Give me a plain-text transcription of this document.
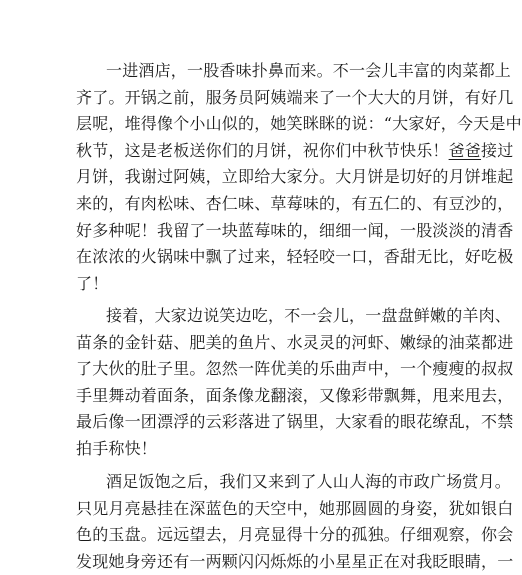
一进酒店，一股香味扑鼻而来。不一会儿丰富的肉菜都上
齐了。开锅之前，服务员阿姨端来了一个大大的月饼，有好几
层呢，堆得像个小山似的，她笑眯眯的说：“大家好，今天是中
秋节，这是老板送你们的月饼，祝你们中秋节快乐！爸爸接过
月饼，我谢过阿姨，立即给大家分。大月饼是切好的月饼堆起
来的，有肉松味、杏仁味、草莓味的，有五仁的、有豆沙的，
好多种呢！我留了一块蓝莓味的，细细一闻，一股淡淡的清香
在浓浓的火锅味中飘了过来，轻轻咬一口，香甜无比，好吃极
了！
接着，大家边说笑边吃，不一会儿，一盘盘鲜嫩的羊肉、
苗条的金针菇、肥美的鱼片、水灵灵的河虾、嫩绿的油菜都进
了大伙的肚子里。忽然一阵优美的乐曲声中，一个瘦瘦的叔叔
手里舞动着面条，面条像龙翻滚，又像彩带飘舞，甩来甩去，
最后像一团漂浮的云彩落进了锅里，大家看的眼花缭乱，不禁
拍手称快！
酒足饭饱之后，我们又来到了人山人海的市政广场赏月。
只见月亮悬挂在深蓝色的天空中，她那圆圆的身姿，犹如银白
色的玉盘。远远望去，月亮显得十分的孤独。仔细观察，你会
发现她身旁还有一两颗闪闪烁烁的小星星正在对我眨眼睛，一
